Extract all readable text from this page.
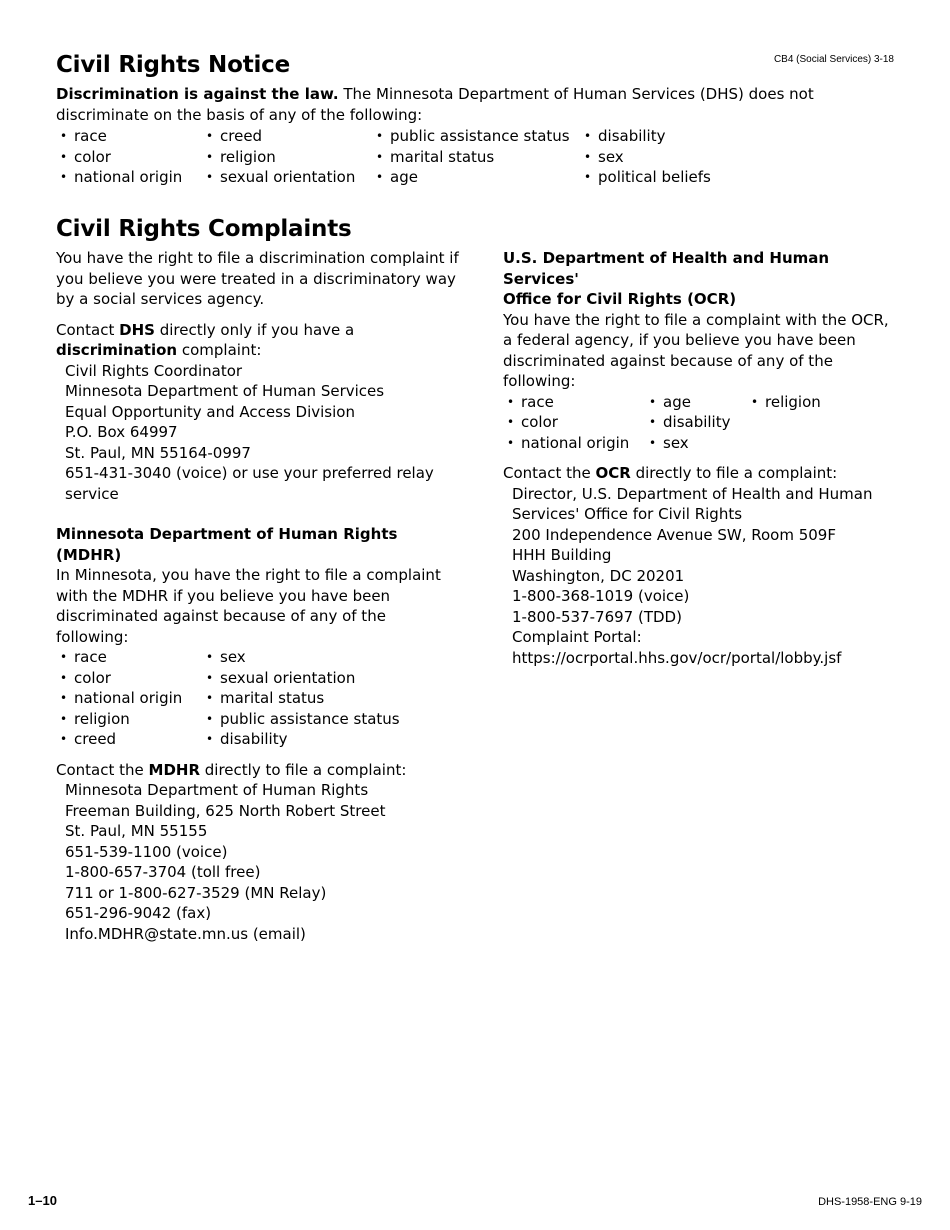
CB4 (Social Services) 3-18
Civil Rights Notice

Discrimination is against the law. The Minnesota Department of Human Services (DHS) does not discriminate on the basis of any of the following:

• race
• color
• national origin
• creed
• religion
• sexual orientation
• public assistance status
• marital status
• age
• disability
• sex
• political beliefs
Civil Rights Complaints

You have the right to file a discrimination complaint if you believe you were treated in a discriminatory way by a social services agency.

Contact DHS directly only if you have a discrimination complaint:

Civil Rights Coordinator
Minnesota Department of Human Services
Equal Opportunity and Access Division
P.O. Box 64997
St. Paul, MN 55164-0997
651-431-3040 (voice) or use your preferred relay
service

Minnesota Department of Human Rights (MDHR)

In Minnesota, you have the right to file a complaint with the MDHR if you believe you have been discriminated against because of any of the following:

• race
• color
• national origin
• religion
• creed
• sex
• sexual orientation
• marital status
• public assistance status
• disability

Contact the MDHR directly to file a complaint:

Minnesota Department of Human Rights
Freeman Building, 625 North Robert Street
St. Paul, MN 55155
651-539-1100 (voice)
1-800-657-3704 (toll free)
711 or 1-800-627-3529 (MN Relay)
651-296-9042 (fax)
Info.MDHR@state.mn.us (email)

U.S. Department of Health and Human Services'
Office for Civil Rights (OCR)

You have the right to file a complaint with the OCR, a federal agency, if you believe you have been discriminated against because of any of the following:

• race
• color
• national origin
• age
• disability
• sex
• religion

Contact the OCR directly to file a complaint:

Director, U.S. Department of Health and Human
Services' Office for Civil Rights
200 Independence Avenue SW, Room 509F
HHH Building
Washington, DC 20201
1-800-368-1019 (voice)
1-800-537-7697 (TDD)
Complaint Portal:
https://ocrportal.hhs.gov/ocr/portal/lobby.jsf
1–10	DHS-1958-ENG 9-19
